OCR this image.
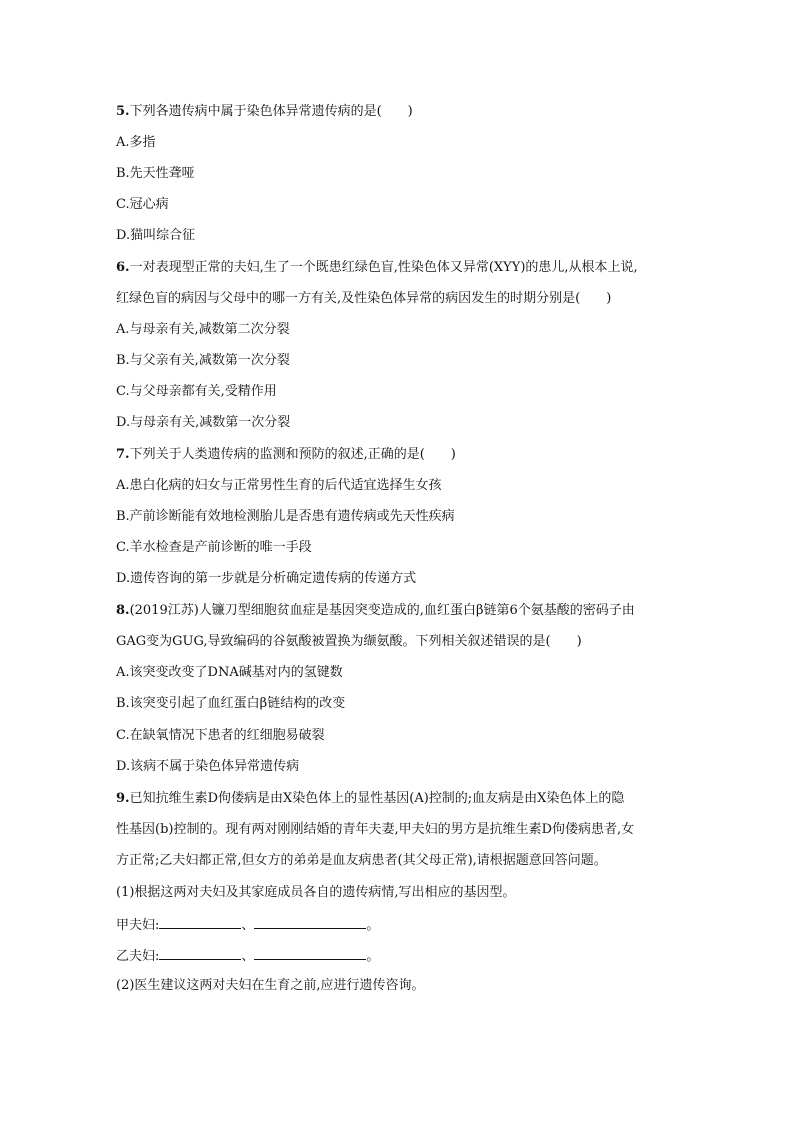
5.下列各遗传病中属于染色体异常遗传病的是(　　)
A.多指
B.先天性聋哑
C.冠心病
D.猫叫综合征
6.一对表现型正常的夫妇,生了一个既患红绿色盲,性染色体又异常(XYY)的患儿,从根本上说,
红绿色盲的病因与父母中的哪一方有关,及性染色体异常的病因发生的时期分别是(　　)
A.与母亲有关,减数第二次分裂
B.与父亲有关,减数第一次分裂
C.与父母亲都有关,受精作用
D.与母亲有关,减数第一次分裂
7.下列关于人类遗传病的监测和预防的叙述,正确的是(　　)
A.患白化病的妇女与正常男性生育的后代适宜选择生女孩
B.产前诊断能有效地检测胎儿是否患有遗传病或先天性疾病
C.羊水检查是产前诊断的唯一手段
D.遗传咨询的第一步就是分析确定遗传病的传递方式
8.(2019江苏)人镰刀型细胞贫血症是基因突变造成的,血红蛋白β链第6个氨基酸的密码子由
GAG变为GUG,导致编码的谷氨酸被置换为缬氨酸。下列相关叙述错误的是(　　)
A.该突变改变了DNA碱基对内的氢键数
B.该突变引起了血红蛋白β链结构的改变
C.在缺氧情况下患者的红细胞易破裂
D.该病不属于染色体异常遗传病
9.已知抗维生素D佝偻病是由X染色体上的显性基因(A)控制的;血友病是由X染色体上的隐
性基因(b)控制的。现有两对刚刚结婚的青年夫妻,甲夫妇的男方是抗维生素D佝偻病患者,女
方正常;乙夫妇都正常,但女方的弟弟是血友病患者(其父母正常),请根据题意回答问题。
(1)根据这两对夫妇及其家庭成员各自的遗传病情,写出相应的基因型。
甲夫妇:	、	。
乙夫妇:	、	。
(2)医生建议这两对夫妇在生育之前,应进行遗传咨询。
